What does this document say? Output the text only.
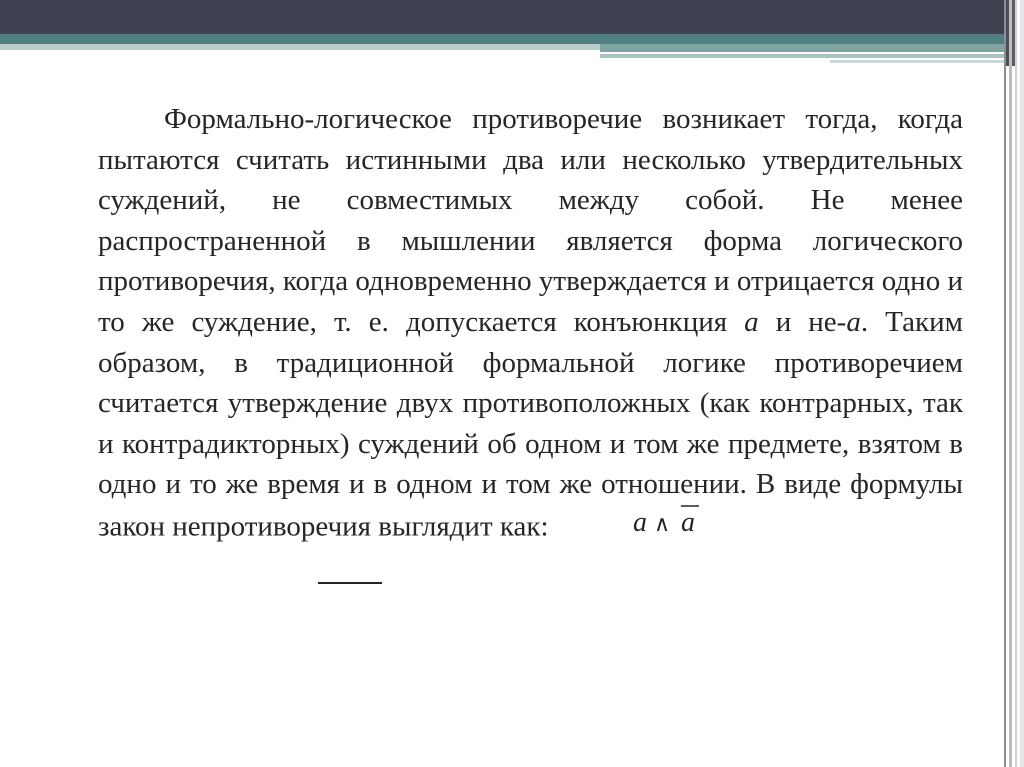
Формально-логическое противоречие возникает тогда, когда пытаются считать истинными два или несколько утвердительных суждений, не совместимых между собой. Не менее распространенной в мышлении является форма логического противоречия, когда одновременно утверждается и отрицается одно и то же суждение, т. е. допускается конъюнкция а и не-а. Таким образом, в традиционной формальной логике противоречием считается утверждение двух противоположных (как контрарных, так и контрадикторных) суждений об одном и том же предмете, взятом в одно и то же время и в одном и том же отношении. В виде формулы закон непротиворечия выглядит как:	a ∧ a
